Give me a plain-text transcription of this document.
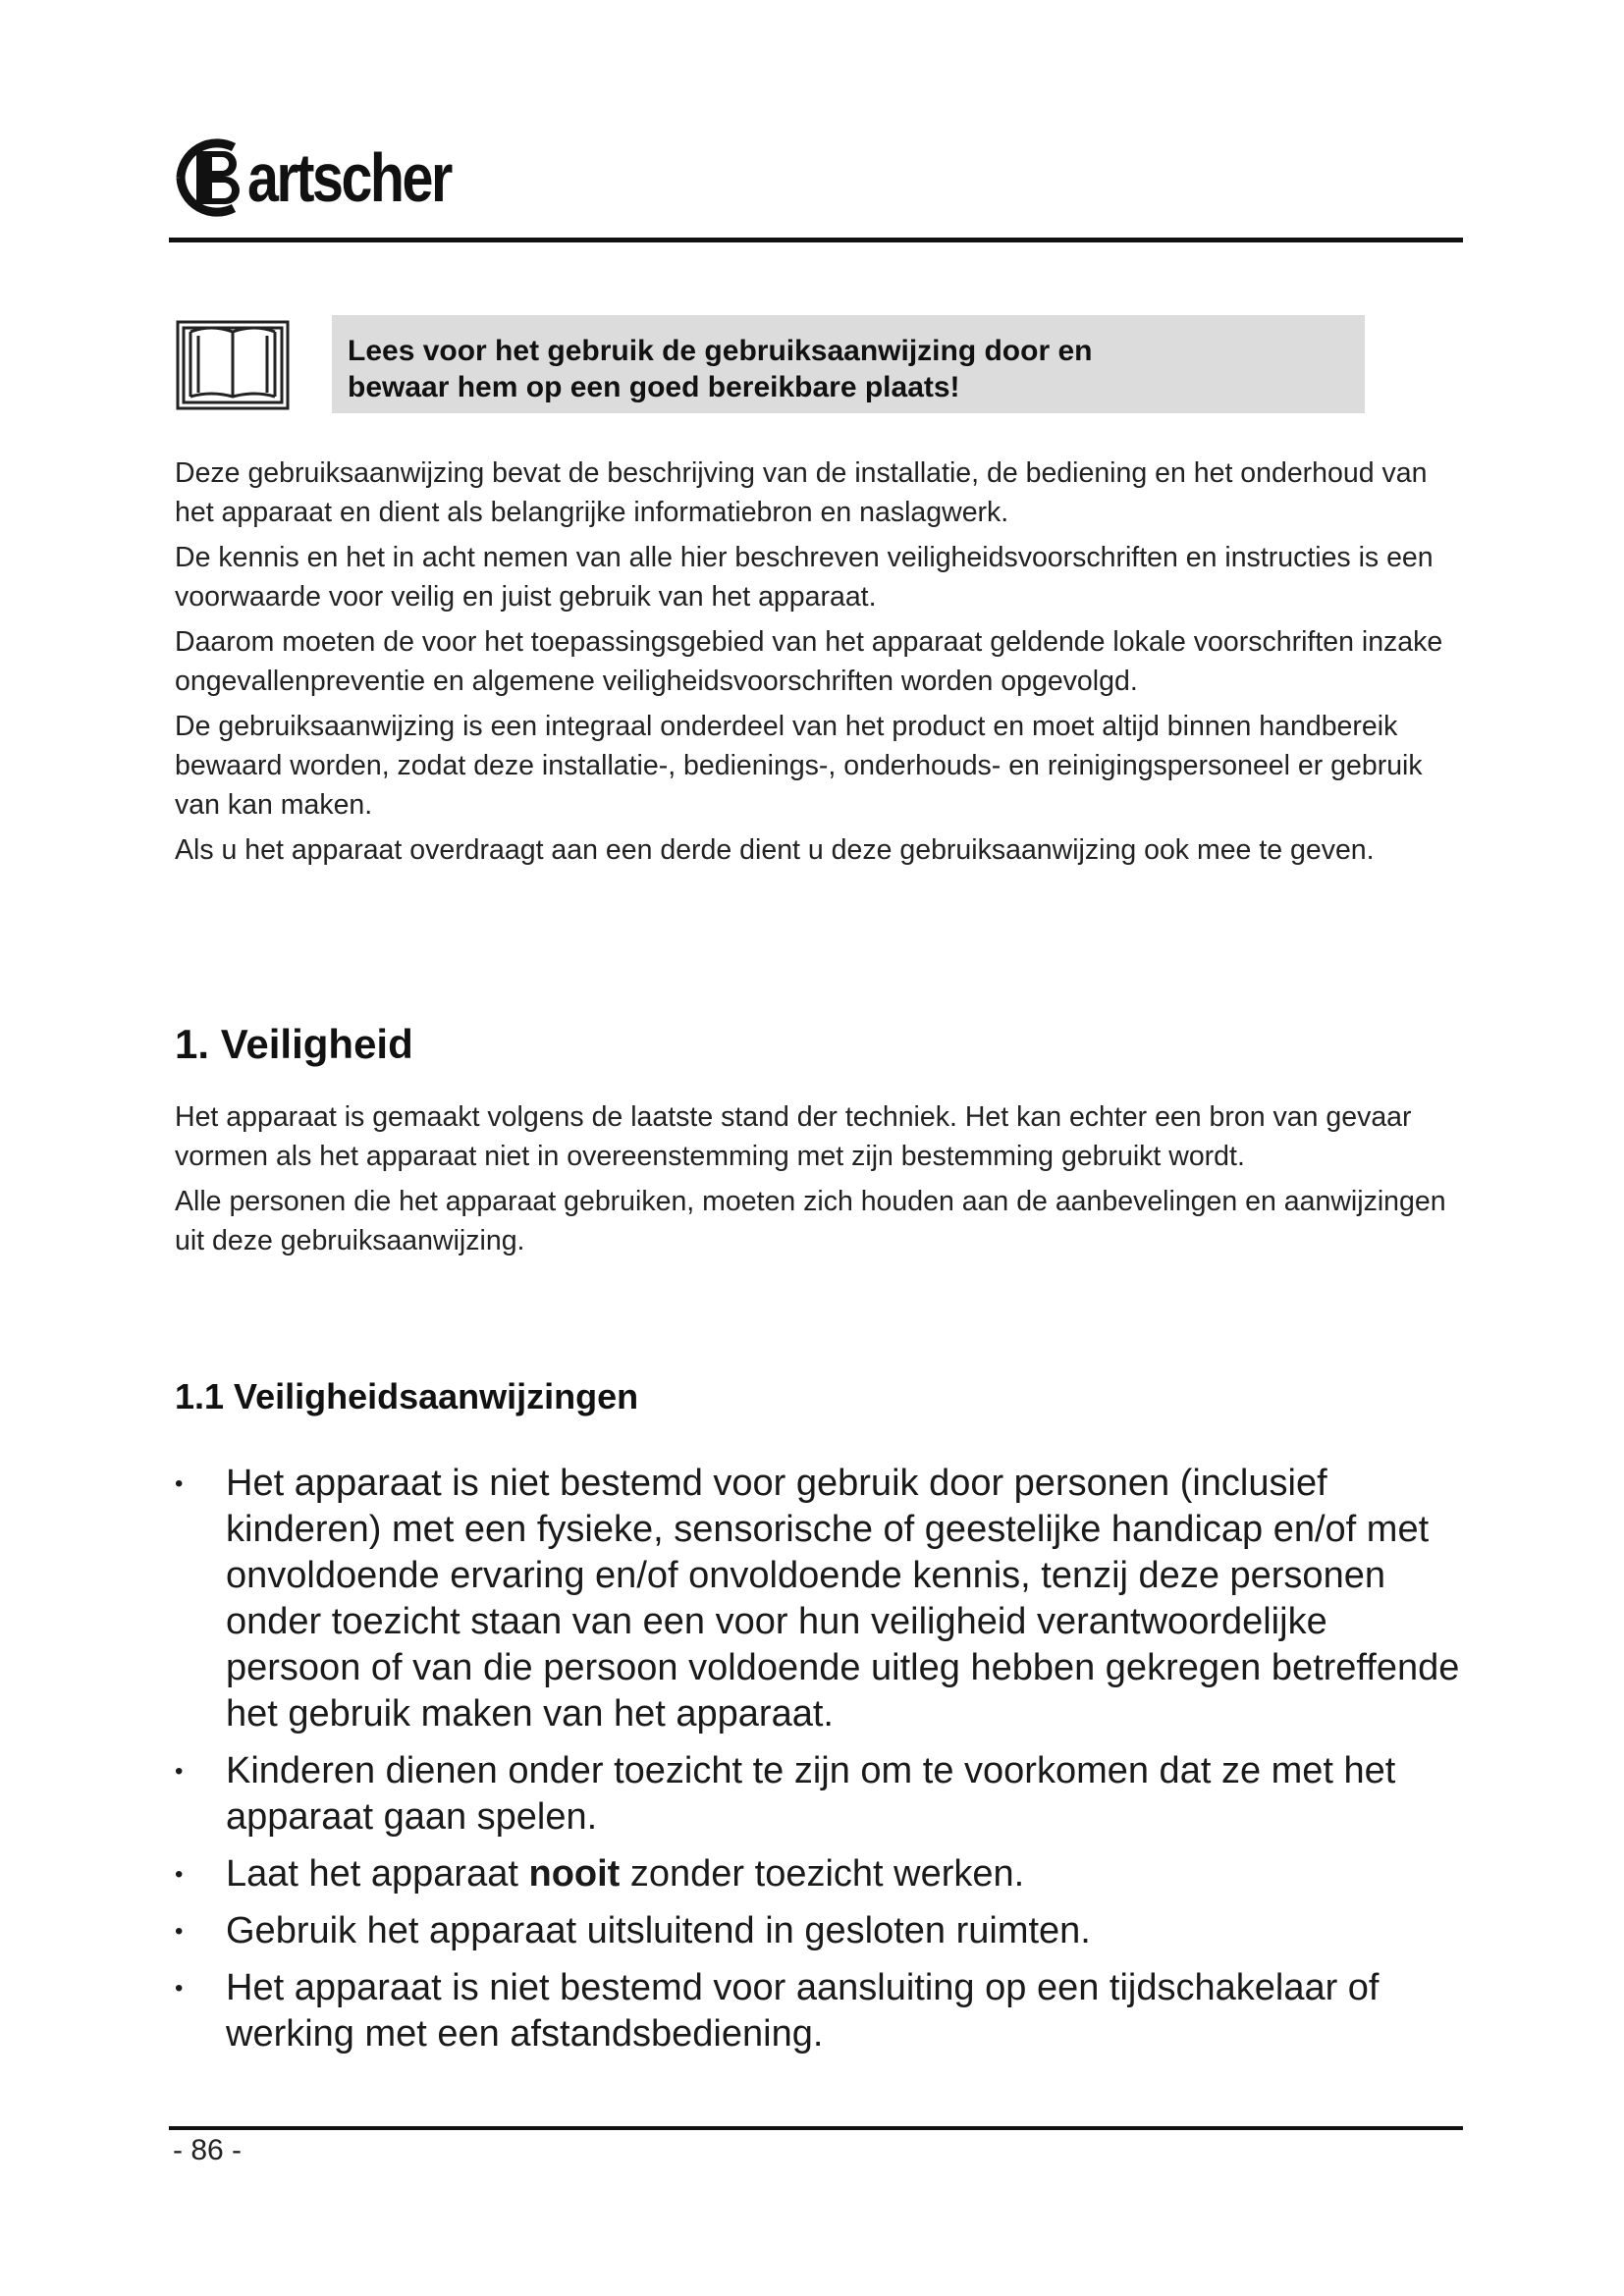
artscher
Lees voor het gebruik de gebruiksaanwijzing door en
bewaar hem op een goed bereikbare plaats!

Deze gebruiksaanwijzing bevat de beschrijving van de installatie, de bediening en het onderhoud van het apparaat en dient als belangrijke informatiebron en naslagwerk.

De kennis en het in acht nemen van alle hier beschreven veiligheidsvoorschriften en instructies is een voorwaarde voor veilig en juist gebruik van het apparaat.

Daarom moeten de voor het toepassingsgebied van het apparaat geldende lokale voorschriften inzake ongevallenpreventie en algemene veiligheidsvoorschriften worden opgevolgd.

De gebruiksaanwijzing is een integraal onderdeel van het product en moet altijd binnen handbereik bewaard worden, zodat deze installatie-, bedienings-, onderhouds- en reinigingspersoneel er gebruik van kan maken.

Als u het apparaat overdraagt aan een derde dient u deze gebruiksaanwijzing ook mee te geven.

1. Veiligheid

Het apparaat is gemaakt volgens de laatste stand der techniek. Het kan echter een bron van gevaar vormen als het apparaat niet in overeenstemming met zijn bestemming gebruikt wordt.

Alle personen die het apparaat gebruiken, moeten zich houden aan de aanbevelingen en aanwijzingen uit deze gebruiksaanwijzing.

1.1 Veiligheidsaanwijzingen
• Het apparaat is niet bestemd voor gebruik door personen (inclusief kinderen) met een fysieke, sensorische of geestelijke handicap en/of met onvoldoende ervaring en/of onvoldoende kennis, tenzij deze personen onder toezicht staan van een voor hun veiligheid verantwoordelijke persoon of van die persoon voldoende uitleg hebben gekregen betreffende het gebruik maken van het apparaat.
• Kinderen dienen onder toezicht te zijn om te voorkomen dat ze met het apparaat gaan spelen.
• Laat het apparaat nooit zonder toezicht werken.
• Gebruik het apparaat uitsluitend in gesloten ruimten.
• Het apparaat is niet bestemd voor aansluiting op een tijdschakelaar of werking met een afstandsbediening.
- 86 -
